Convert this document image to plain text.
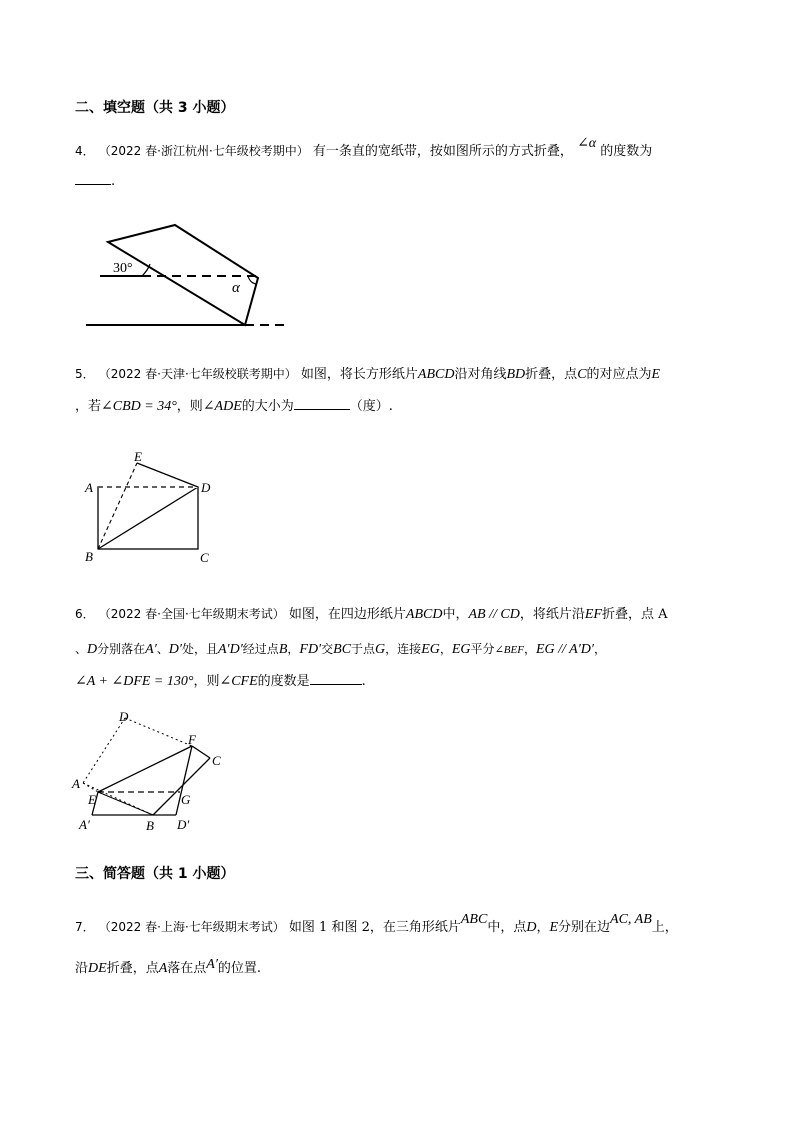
二、填空题（共 3 小题）
4． （2022 春·浙江杭州·七年级校考期中） 有一条直的宽纸带，按如图所示的方式折叠， ∠α 的度数为
.
30°
α
5． （2022 春·天津·七年级校联考期中） 如图，将长方形纸片ABCD沿对角线BD折叠，点C的对应点为E
，若∠CBD = 34°，则∠ADE的大小为	（度）.
E
A	D
B	C
6． （2022 春·全国·七年级期末考试） 如图，在四边形纸片ABCD中，AB // CD，将纸片沿EF折叠，点 A
、D分别落在A′、D′处，且A′D′经过点B，FD′交BC于点G，连接EG，EG平分∠BEF，EG // A′D′，
∠A + ∠DFE = 130°，则∠CFE的度数是	.
D
F
C
A
E	G
A′	B D′
三、简答题（共 1 小题）
7． （2022 春·上海·七年级期末考试） 如图 1 和图 2，在三角形纸片ABC中，点D，E分别在边AC, AB上，
沿DE折叠，点A落在点A′的位置.
